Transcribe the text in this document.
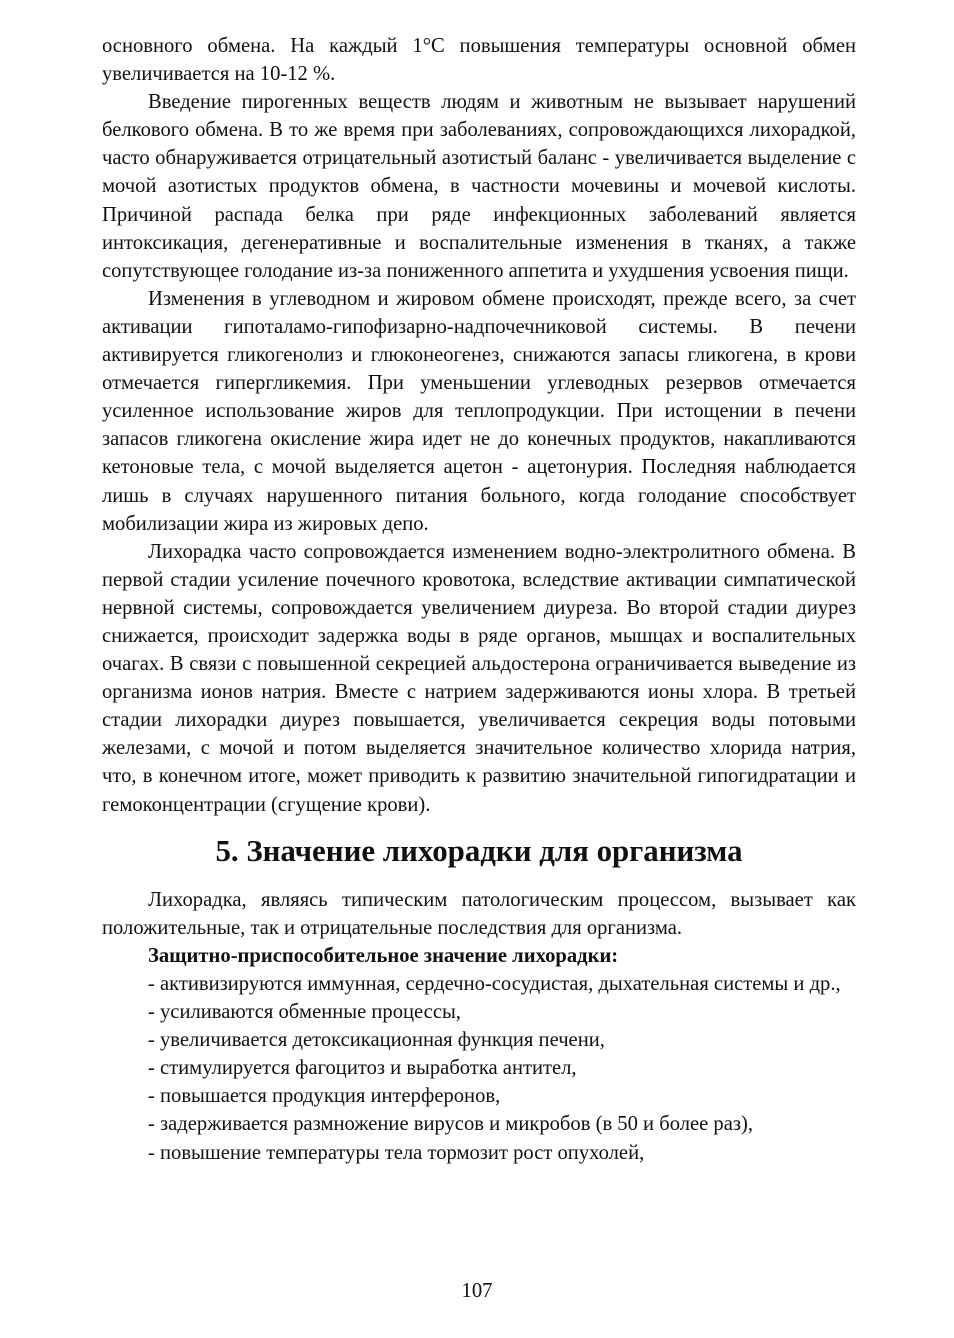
основного обмена. На каждый 1°С повышения температуры основной обмен увеличивается на 10-12 %.

Введение пирогенных веществ людям и животным не вызывает нарушений белкового обмена. В то же время при заболеваниях, сопровождающихся лихорадкой, часто обнаруживается отрицательный азотистый баланс - увеличивается выделение с мочой азотистых продуктов обмена, в частности мочевины и мочевой кислоты. Причиной распада белка при ряде инфекционных заболеваний является интоксикация, дегенеративные и воспалительные изменения в тканях, а также сопутствующее голодание из-за пониженного аппетита и ухудшения усвоения пищи.

Изменения в углеводном и жировом обмене происходят, прежде всего, за счет активации гипоталамо-гипофизарно-надпочечниковой системы. В печени активируется гликогенолиз и глюконеогенез, снижаются запасы гликогена, в крови отмечается гипергликемия. При уменьшении углеводных резервов отмечается усиленное использование жиров для теплопродукции. При истощении в печени запасов гликогена окисление жира идет не до конечных продуктов, накапливаются кетоновые тела, с мочой выделяется ацетон - ацетонурия. Последняя наблюдается лишь в случаях нарушенного питания больного, когда голодание способствует мобилизации жира из жировых депо.

Лихорадка часто сопровождается изменением водно-электролитного обмена. В первой стадии усиление почечного кровотока, вследствие активации симпатической нервной системы, сопровождается увеличением диуреза. Во второй стадии диурез снижается, происходит задержка воды в ряде органов, мышцах и воспалительных очагах. В связи с повышенной секрецией альдостерона ограничивается выведение из организма ионов натрия. Вместе с натрием задерживаются ионы хлора. В третьей стадии лихорадки диурез повышается, увеличивается секреция воды потовыми железами, с мочой и потом выделяется значительное количество хлорида натрия, что, в конечном итоге, может приводить к развитию значительной гипогидратации и гемоконцентрации (сгущение крови).

5. Значение лихорадки для организма

Лихорадка, являясь типическим патологическим процессом, вызывает как положительные, так и отрицательные последствия для организма.

Защитно-приспособительное значение лихорадки:

- активизируются иммунная, сердечно-сосудистая, дыхательная системы и др.,
- усиливаются обменные процессы,
- увеличивается детоксикационная функция печени,
- стимулируется фагоцитоз и выработка антител,
- повышается продукция интерферонов,
- задерживается размножение вирусов и микробов (в 50 и более раз),
- повышение температуры тела тормозит рост опухолей,
107
